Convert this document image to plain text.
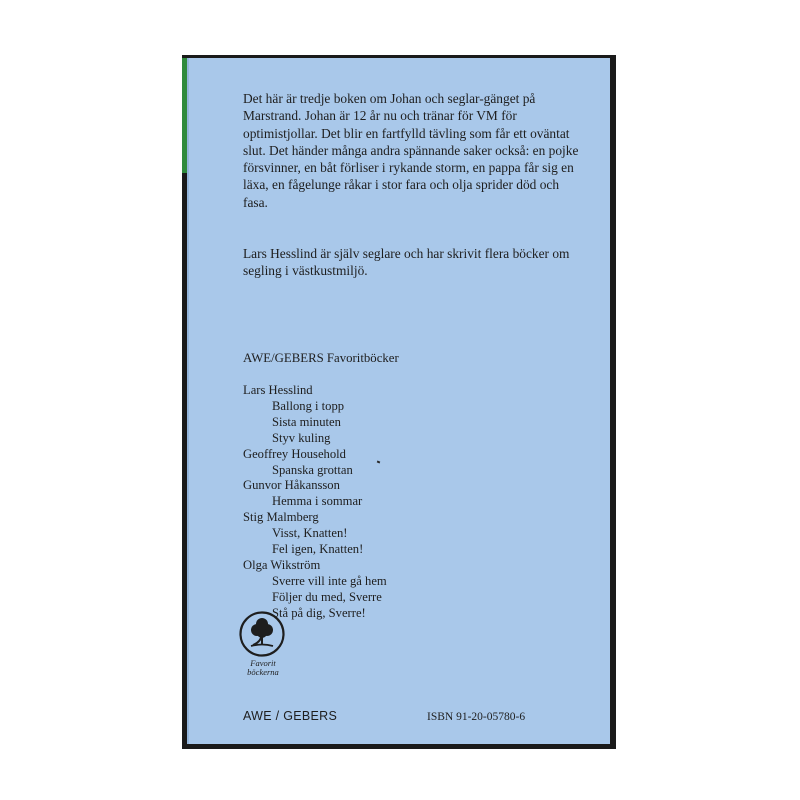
Det här är tredje boken om Johan och seglar-gänget på Marstrand. Johan är 12 år nu och tränar för VM för optimistjollar. Det blir en fartfylld tävling som får ett oväntat slut. Det händer många andra spännande saker också: en pojke försvinner, en båt förliser i rykande storm, en pappa får sig en läxa, en fågelunge råkar i stor fara och olja sprider död och fasa.

Lars Hesslind är själv seglare och har skrivit flera böcker om segling i västkustmiljö.

AWE/GEBERS Favoritböcker
Lars Hesslind
Ballong i topp
Sista minuten
Styv kuling
Geoffrey Household
Spanska grottan
Gunvor Håkansson
Hemma i sommar
Stig Malmberg
Visst, Knatten!
Fel igen, Knatten!
Olga Wikström
Sverre vill inte gå hem
Följer du med, Sverre
Stå på dig, Sverre!
Favorit
böckerna
AWE / GEBERS	ISBN 91-20-05780-6
